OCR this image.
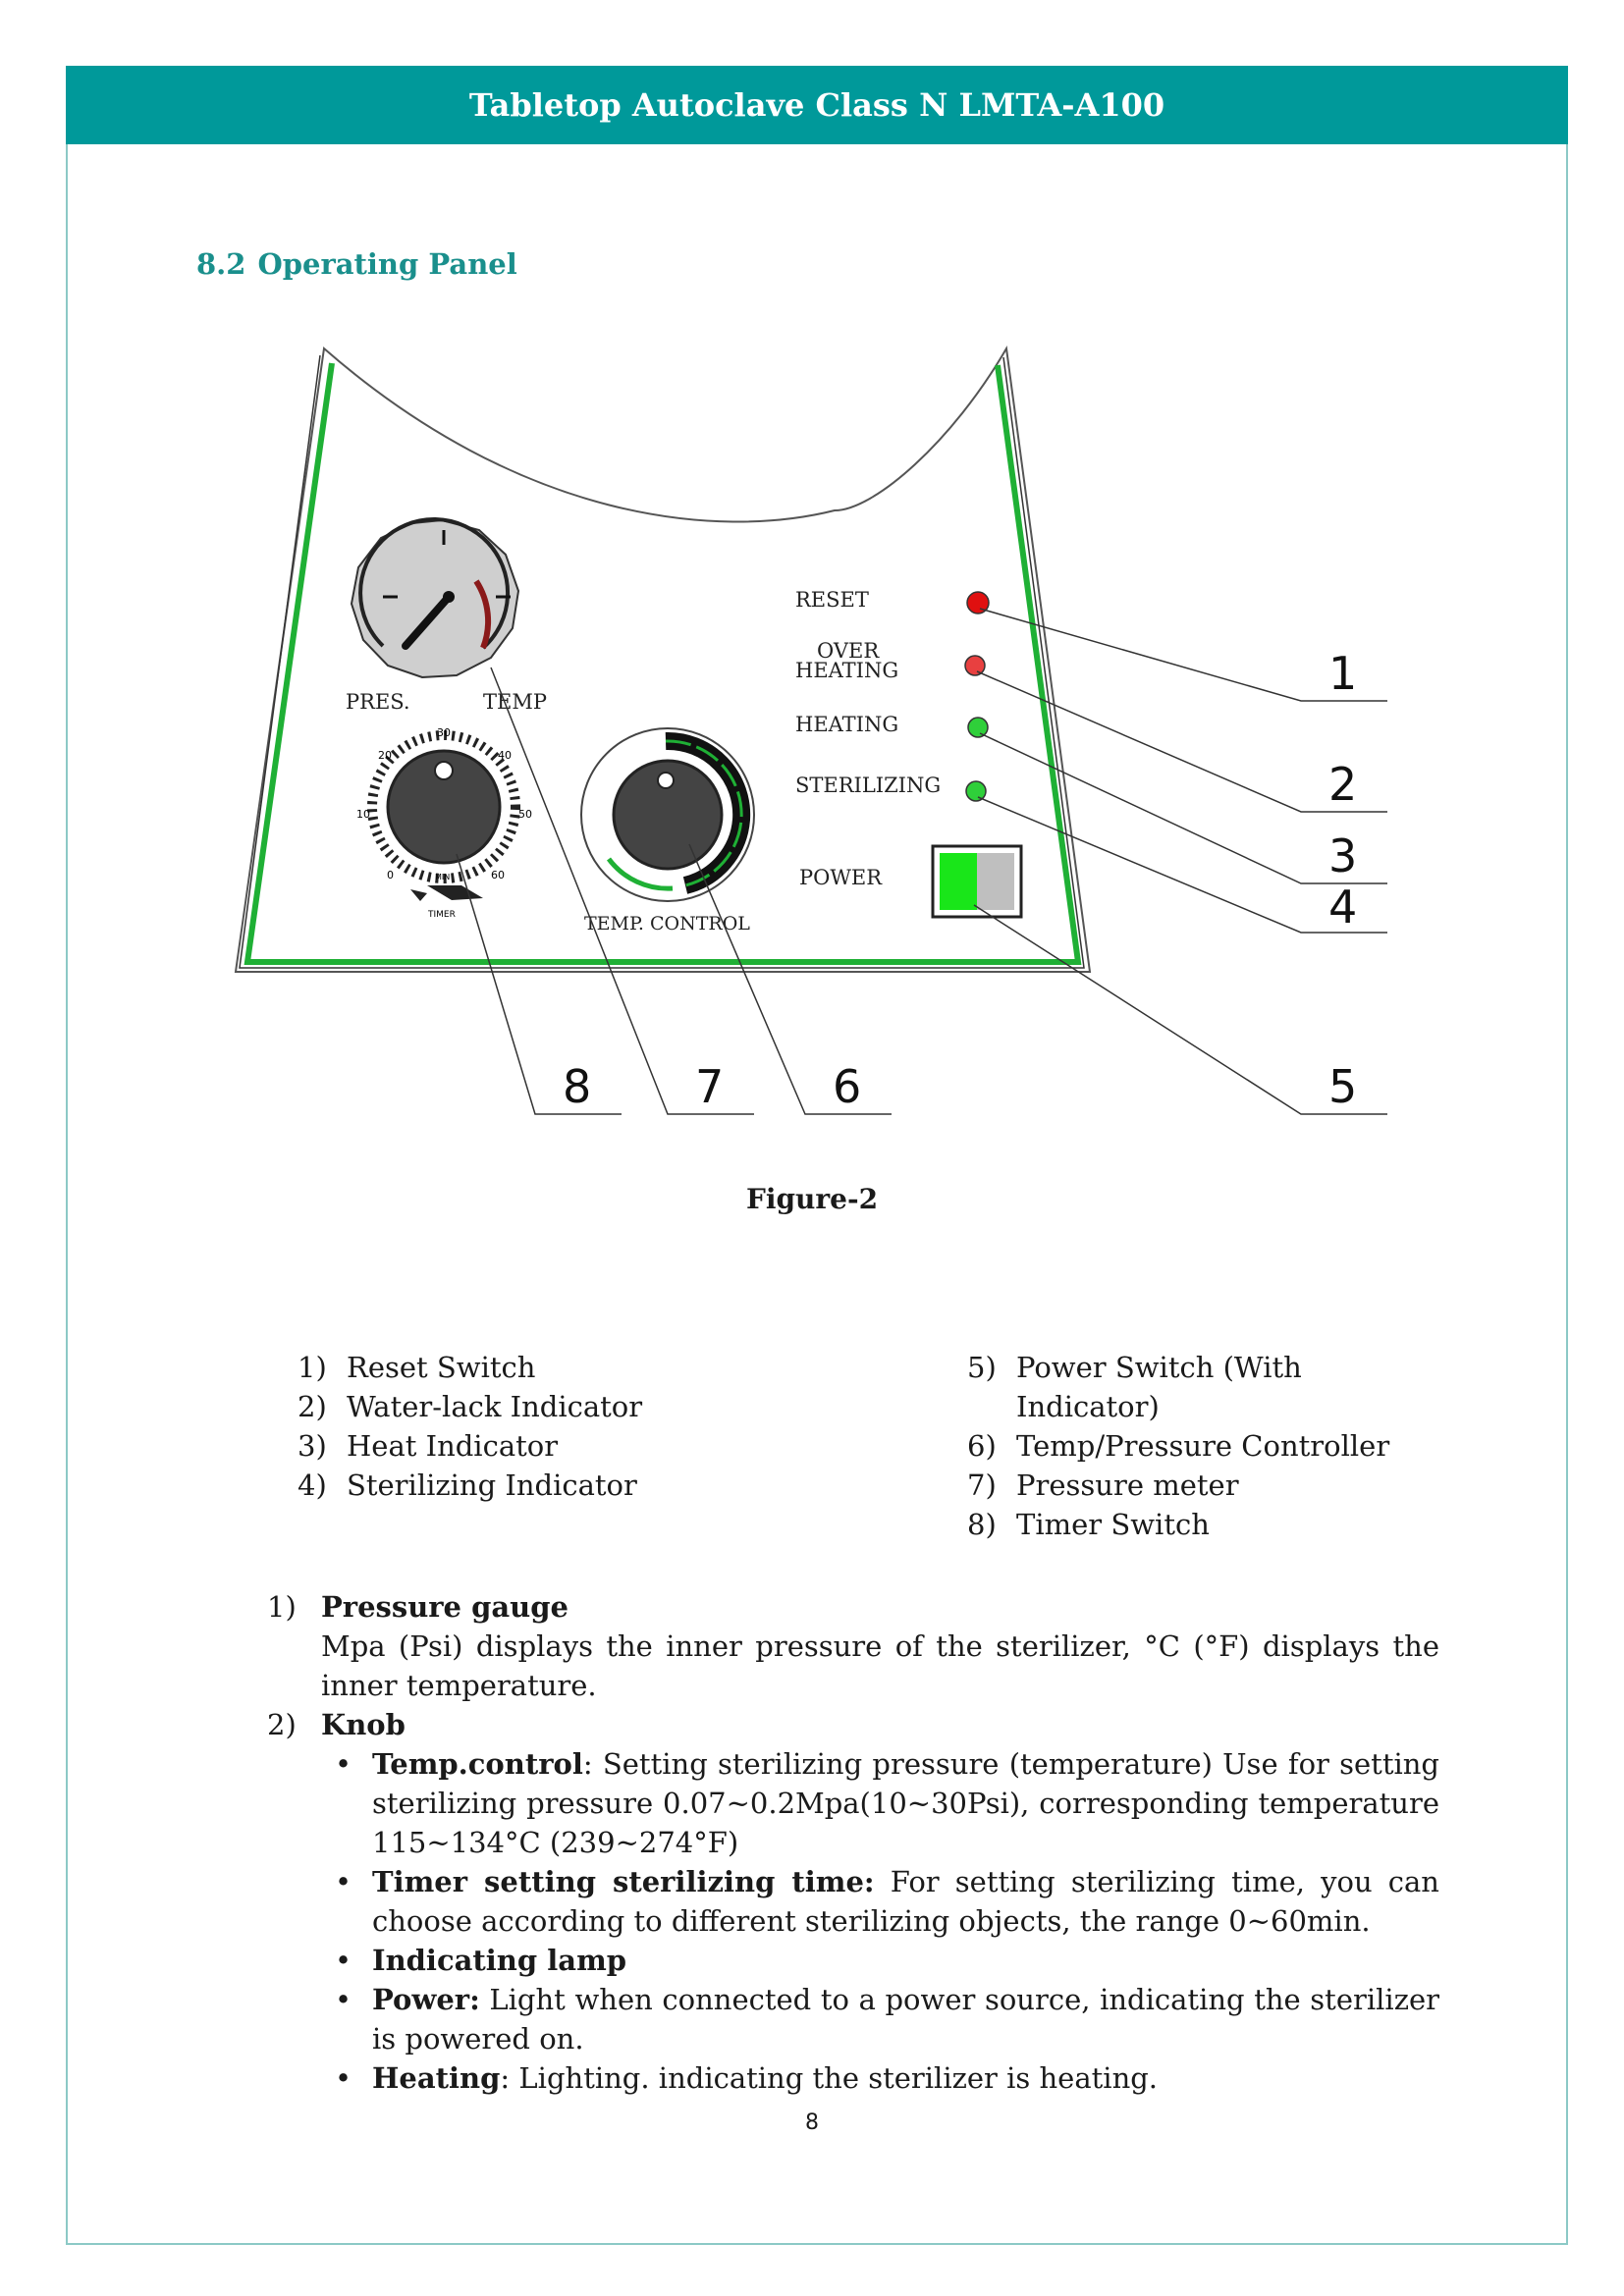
Tabletop Autoclave Class N LMTA-A100
8.2 Operating Panel
PRES.	TEMP
0
10
20
30
40
50
60
MIN
TIMER	TEMP. CONTROL
RESET
OVER
HEATING
HEATING
STERILIZING
POWER
1
2
3
4
5
6
7
8
Figure-2
1) Reset Switch
2) Water-lack Indicator
3) Heat Indicator
4) Sterilizing Indicator
5) Power Switch (With Indicator)
6) Temp/Pressure Controller
7) Pressure meter
8) Timer Switch
1) Pressure gauge
Mpa (Psi) displays the inner pressure of the sterilizer, °C (°F) displays the inner temperature.
2) Knob
• Temp.control: Setting sterilizing pressure (temperature) Use for setting sterilizing pressure 0.07~0.2Mpa(10~30Psi), corresponding temperature 115~134°C (239~274°F)
• Timer setting sterilizing time: For setting sterilizing time, you can choose according to different sterilizing objects, the range 0~60min.
• Indicating lamp
• Power: Light when connected to a power source, indicating the sterilizer is powered on.
• Heating: Lighting. indicating the sterilizer is heating.
8
